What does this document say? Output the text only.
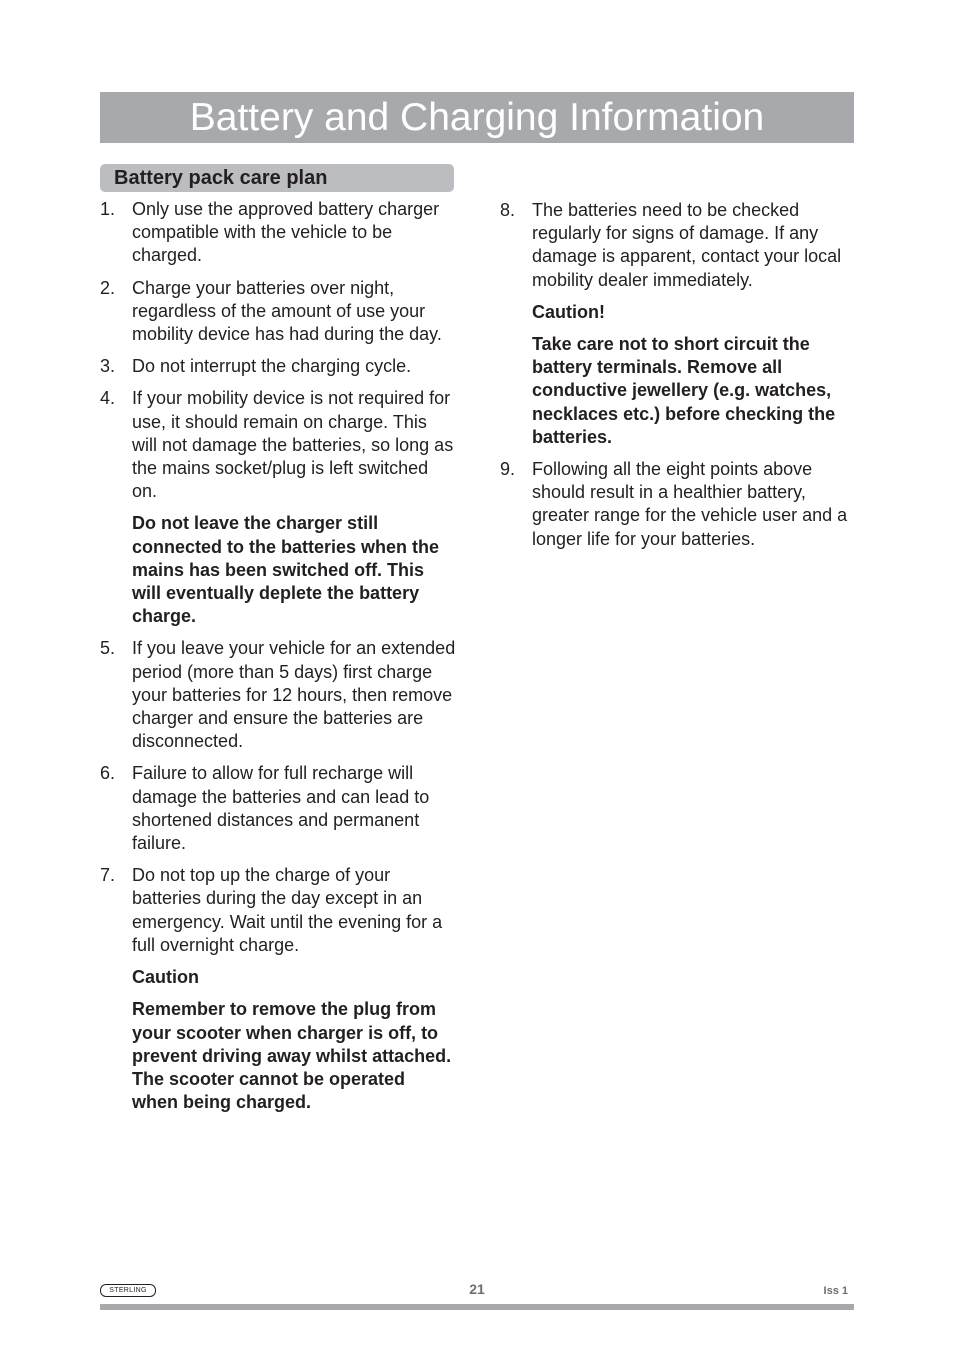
Battery and Charging Information
Battery pack care plan
1. Only use the approved battery charger compatible with the vehicle to be charged.
2. Charge your batteries over night, regardless of the amount of use your mobility device has had during the day.
3. Do not interrupt the charging cycle.
4. If your mobility device is not required for use, it should remain on charge. This will not damage the batteries, so long as the mains socket/plug is left switched on.
Do not leave the charger still connected to the batteries when the mains has been switched off. This will eventually deplete the battery charge.
5. If you leave your vehicle for an extended period (more than 5 days) first charge your batteries for 12 hours, then remove charger and ensure the batteries are disconnected.
6. Failure to allow for full recharge will damage the batteries and can lead to shortened distances and permanent failure.
7. Do not top up the charge of your batteries during the day except in an emergency. Wait until the evening for a full overnight charge.
Caution
Remember to remove the plug from your scooter when charger is off, to prevent driving away whilst attached.
The scooter cannot be operated when being charged.
8. The batteries need to be checked regularly for signs of damage. If any damage is apparent, contact your local mobility dealer immediately.
Caution!
Take care not to short circuit the battery terminals. Remove all conductive jewellery (e.g. watches, necklaces etc.) before checking the batteries.
9. Following all the eight points above should result in a healthier battery, greater range for the vehicle user and a longer life for your batteries.
STERLING	21	Iss 1
